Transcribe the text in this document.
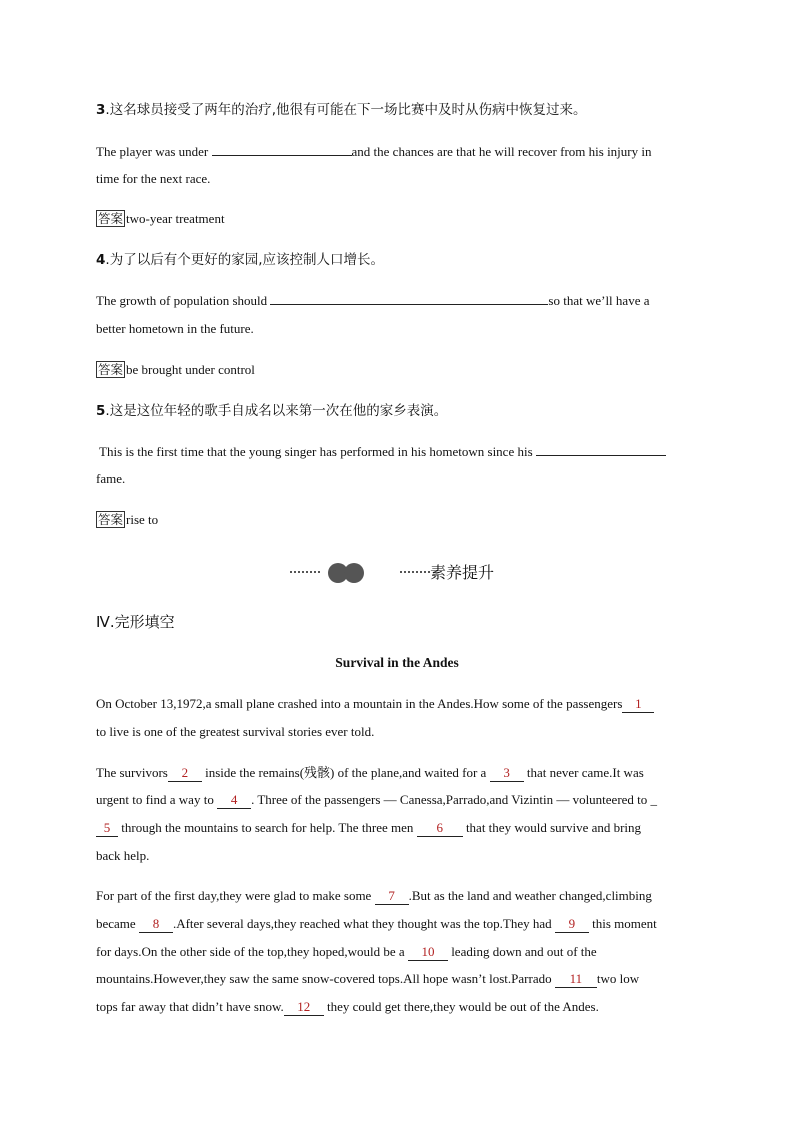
3.这名球员接受了两年的治疗,他很有可能在下一场比赛中及时从伤病中恢复过来。
The player was under	and the chances are that he will recover from his injury in
time for the next race.
答案 two-year treatment
4.为了以后有个更好的家园,应该控制人口增长。
The growth of population should	so that we’ll have a
better hometown in the future.
答案 be brought under control
5.这是这位年轻的歌手自成名以来第一次在他的家乡表演。
This is the first time that the young singer has performed in his hometown since his
fame.
答案 rise to
素养提升
Ⅳ.完形填空
Survival in the Andes
On October 13,1972,a small plane crashed into a mountain in the Andes.How some of the passengers 1
to live is one of the greatest survival stories ever told.
The survivors 2 inside the remains(残骸) of the plane,and waited for a 3 that never came.It was
urgent to find a way to 4 . Three of the passengers — Canessa,Parrado,and Vizintin — volunteered to _
5 through the mountains to search for help. The three men 6 that they would survive and bring
back help.
For part of the first day,they were glad to make some 7 .But as the land and weather changed,climbing
became 8 .After several days,they reached what they thought was the top.They had 9 this moment
for days.On the other side of the top,they hoped,would be a 10 leading down and out of the
mountains.However,they saw the same snow-covered tops.All hope wasn’t lost.Parrado 11 two low
tops far away that didn’t have snow. 12 they could get there,they would be out of the Andes.
